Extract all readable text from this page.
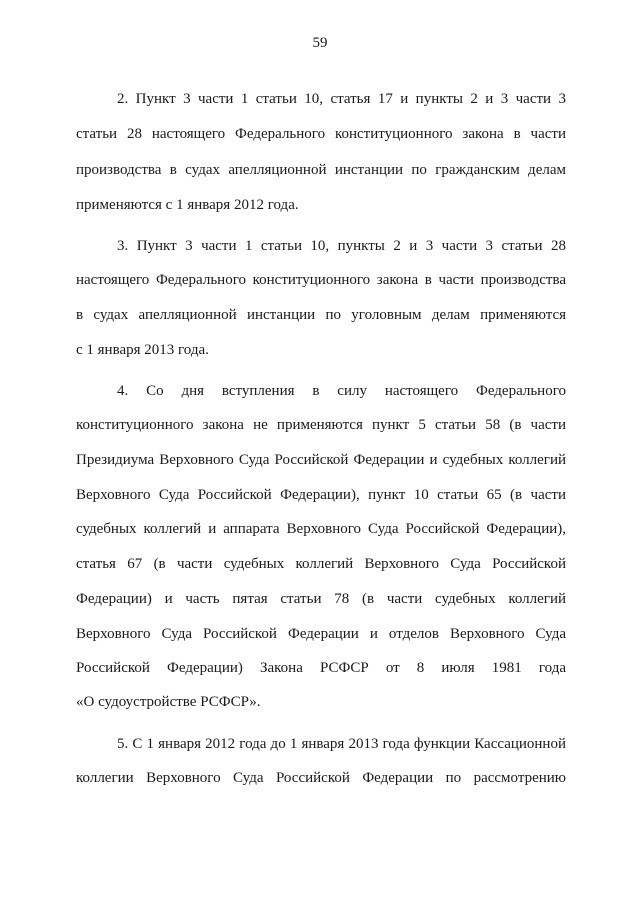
59
2. Пункт 3 части 1 статьи 10, статья 17 и пункты 2 и 3 части 3
статьи 28 настоящего Федерального конституционного закона в части
производства в судах апелляционной инстанции по гражданским делам
применяются с 1 января 2012 года.
3. Пункт 3 части 1 статьи 10, пункты 2 и 3 части 3 статьи 28
настоящего Федерального конституционного закона в части производства
в судах апелляционной инстанции по уголовным делам применяются
с 1 января 2013 года.
4. Со дня вступления в силу настоящего Федерального
конституционного закона не применяются пункт 5 статьи 58 (в части
Президиума Верховного Суда Российской Федерации и судебных коллегий
Верховного Суда Российской Федерации), пункт 10 статьи 65 (в части
судебных коллегий и аппарата Верховного Суда Российской Федерации),
статья 67 (в части судебных коллегий Верховного Суда Российской
Федерации) и часть пятая статьи 78 (в части судебных коллегий
Верховного Суда Российской Федерации и отделов Верховного Суда
Российской Федерации) Закона РСФСР от 8 июля 1981 года
«О судоустройстве РСФСР».
5. С 1 января 2012 года до 1 января 2013 года функции Кассационной
коллегии Верховного Суда Российской Федерации по рассмотрению
